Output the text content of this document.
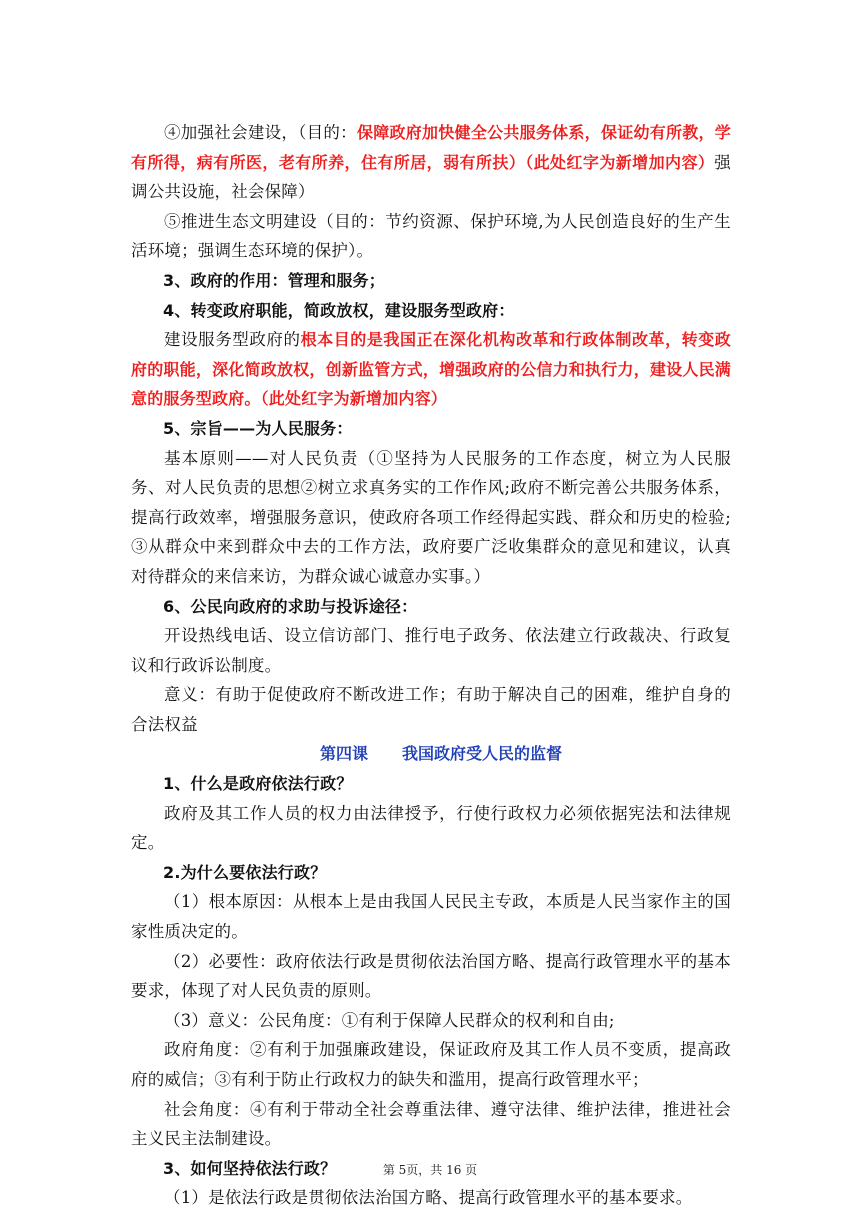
④加强社会建设，（目的：保障政府加快健全公共服务体系，保证幼有所教，学有所得，病有所医，老有所养，住有所居，弱有所扶）（此处红字为新增加内容）强调公共设施，社会保障）

⑤推进生态文明建设（目的：节约资源、保护环境,为人民创造良好的生产生活环境；强调生态环境的保护）。

3、政府的作用：管理和服务；

4、转变政府职能，简政放权，建设服务型政府：

建设服务型政府的根本目的是我国正在深化机构改革和行政体制改革，转变政府的职能，深化简政放权，创新监管方式，增强政府的公信力和执行力，建设人民满意的服务型政府。（此处红字为新增加内容）

5、宗旨——为人民服务：

基本原则——对人民负责（①坚持为人民服务的工作态度，树立为人民服务、对人民负责的思想②树立求真务实的工作作风;政府不断完善公共服务体系，提高行政效率，增强服务意识，使政府各项工作经得起实践、群众和历史的检验;③从群众中来到群众中去的工作方法，政府要广泛收集群众的意见和建议，认真对待群众的来信来访，为群众诚心诚意办实事。）

6、公民向政府的求助与投诉途径：

开设热线电话、设立信访部门、推行电子政务、依法建立行政裁决、行政复议和行政诉讼制度。

意义：有助于促使政府不断改进工作；有助于解决自己的困难，维护自身的合法权益

第四课 我国政府受人民的监督

1、什么是政府依法行政？

政府及其工作人员的权力由法律授予，行使行政权力必须依据宪法和法律规定。

2.为什么要依法行政？

（1）根本原因：从根本上是由我国人民民主专政，本质是人民当家作主的国家性质决定的。

（2）必要性：政府依法行政是贯彻依法治国方略、提高行政管理水平的基本要求，体现了对人民负责的原则。

（3）意义：公民角度：①有利于保障人民群众的权利和自由;

政府角度：②有利于加强廉政建设，保证政府及其工作人员不变质，提高政府的威信；③有利于防止行政权力的缺失和滥用，提高行政管理水平；

社会角度：④有利于带动全社会尊重法律、遵守法律、维护法律，推进社会主义民主法制建设。

3、如何坚持依法行政？

（1）是依法行政是贯彻依法治国方略、提高行政管理水平的基本要求。

第 5页，共 16 页
